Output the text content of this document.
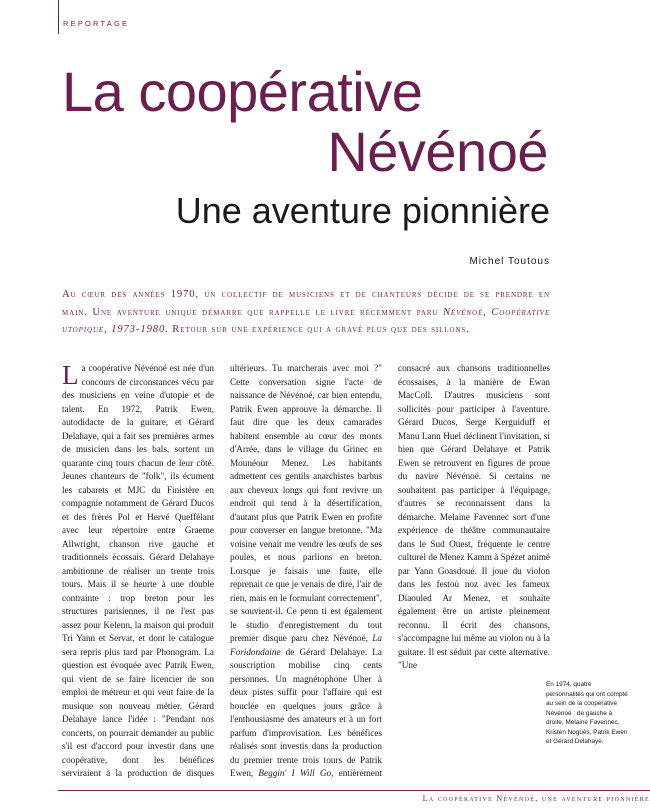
REPORTAGE
La coopérative
Névénoé
Une aventure pionnière
Michel Toutous
Au cœur des années 1970, un collectif de musiciens et de chanteurs décide de se prendre en main. Une aventure unique démarre que rappelle le livre récemment paru Névénoé, Coopérative utopique, 1973-1980. Retour sur une expérience qui a gravé plus que des sillons.

La coopérative Névénoé est née d'un concours de circonstances vécu par des musiciens en veine d'utopie et de talent. En 1972, Patrik Ewen, autodidacte de la guitare, et Gérard Delahaye, qui a fait ses premières armes de musicien dans les bals, sortent un quarante cinq tours chacun de leur côté. Jeunes chanteurs de "folk", ils écument les cabarets et MJC du Finistère en compagnie notamment de Gérard Ducos et des frères Pol et Hervé Queffélant avec leur répertoire entre Graeme Allwright, chanson rive gauche et traditionnels écossais. Gérard Delahaye ambitionne de réaliser un trente trois tours. Mais il se heurte à une double contrainte : trop breton pour les structures parisiennes, il ne l'est pas assez pour Kelenn, la maison qui produit Tri Yann et Servat, et dont le catalogue sera repris plus tard par Phonogram. La question est évoquée avec Patrik Ewen, qui vient de se faire licencier de son emploi de métreur et qui veut faire de la musique son nouveau métier. Gérard Delahaye lance l'idée : "Pendant nos concerts, on pourrait demander au public s'il est d'accord pour investir dans une coopérative, dont les bénéfices serviraient à la production de disques ultérieurs. Tu marcherais avec moi ?" Cette conversation signe l'acte de naissance de Névénoé, car bien entendu, Patrik Ewen approuve la démarche. Il faut dire que les deux camarades habitent ensemble au cœur des monts d'Arrée, dans le village du Grinec en Mounéour Menez. Les habitants admettent ces gentils anarchistes barbus aux cheveux longs qui font revivre un endroit qui tend à la désertification, d'autant plus que Patrik Ewen en profite pour converser en langue bretonne. "Ma voisine venait me vendre les œufs de ses poules, et nous parlions en breton. Lorsque je faisais une faute, elle reprenait ce que je venais de dire, l'air de rien, mais en le formulant correctement", se souvient-il. Ce penn ti est également le studio d'enregistrement du tout premier disque paru chez Névénoé, La Foridondaine de Gérard Delahaye. La souscription mobilise cinq cents personnes. Un magnétophone Uher à deux pistes suffit pour l'affaire qui est bouclée en quelques jours grâce à l'enthousiasme des amateurs et à un fort parfum d'improvisation. Les bénéfices réalisés sont investis dans la production du premier trente trois tours de Patrik Ewen, Beggin' I Will Go, entièrement consacré aux chansons traditionnelles écossaises, à la manière de Ewan MacColl. D'autres musiciens sont sollicités pour participer à l'aventure. Gérard Ducos, Serge Kerguiduff et Manu Lann Huel déclinent l'invitation, si bien que Gérard Delahaye et Patrik Ewen se retrouvent en figures de proue du navire Névénoé. Si certains ne souhaitent pas participer à l'équipage, d'autres se reconnaissent dans la démarche. Melaine Favennec sort d'une expérience de théâtre communautaire dans le Sud Ouest, fréquente le centre culturel de Menez Kamm à Spézet animé par Yann Goasdoué. Il joue du violon dans les festoù noz avec les fameux Diaouled Ar Menez, et souhaite également être un artiste pleinement reconnu. Il écrit des chansons, s'accompagne lui même au violon ou à la guitare. Il est séduit par cette alternative. "Une

En 1974, quatre personnalités qui ont compté au sein de la coopérative Névénoé : de gauche à droite, Melaine Favennec, Kristen Noguès, Patrik Ewen et Gérard Delahaye.
La coopérative Névénoé, une aventure pionnière
